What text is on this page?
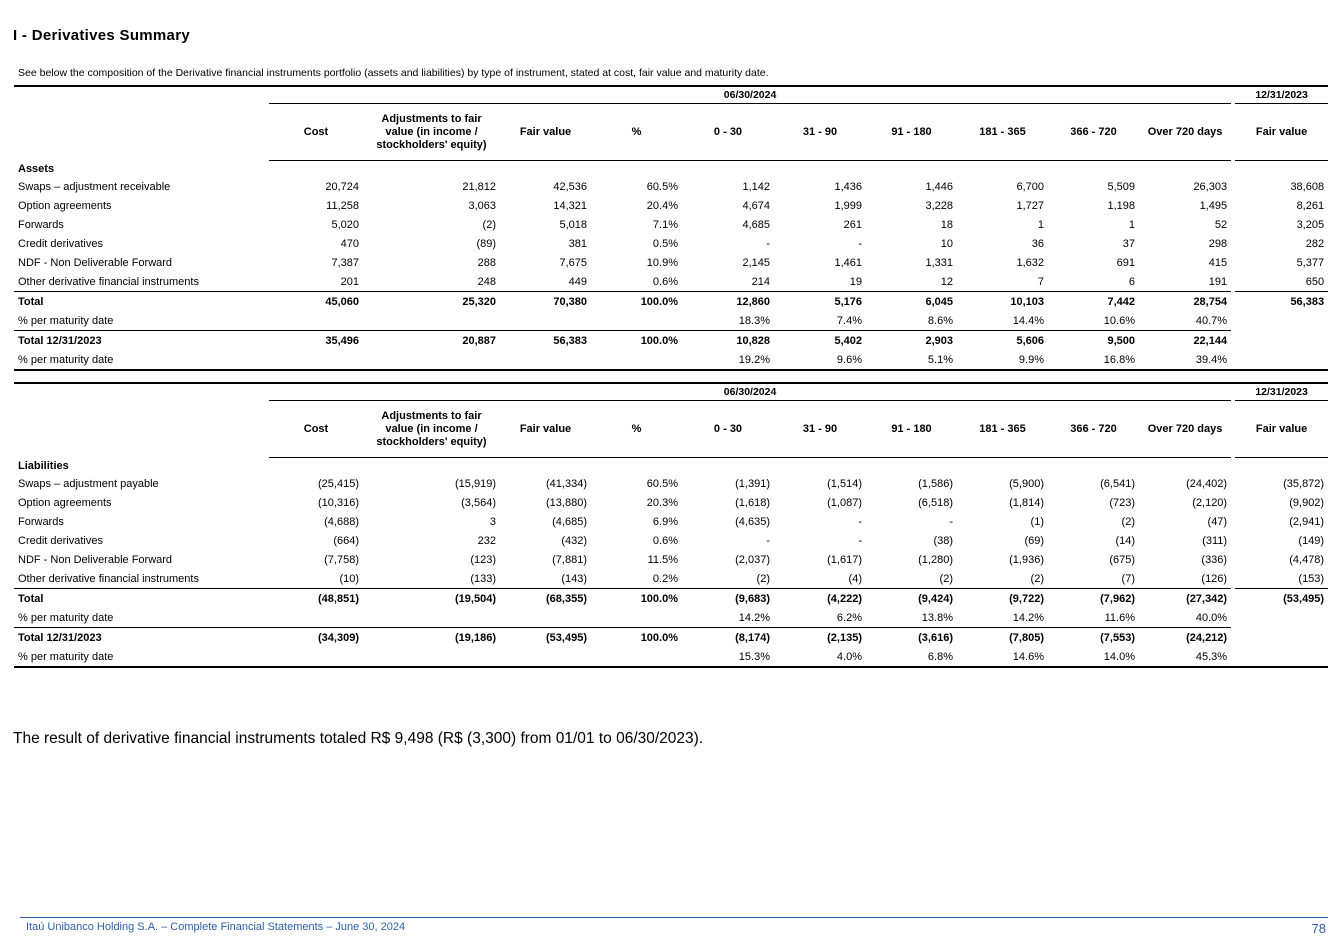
I - Derivatives Summary
See below the composition of the Derivative financial instruments portfolio (assets and liabilities) by type of instrument, stated at cost, fair value and maturity date.
	06/30/2024											12/31/2023
	Cost	Adjustments to fair value (in income / stockholders' equity)	Fair value	%	0 - 30	31 - 90	91 - 180	181 - 365	366 - 720	Over 720 days		Fair value
Assets												
Swaps – adjustment receivable	20,724	21,812	42,536	60.5%	1,142	1,436	1,446	6,700	5,509	26,303		38,608
Option agreements	11,258	3,063	14,321	20.4%	4,674	1,999	3,228	1,727	1,198	1,495		8,261
Forwards	5,020	(2)	5,018	7.1%	4,685	261	18	1	1	52		3,205
Credit derivatives	470	(89)	381	0.5%	-	-	10	36	37	298		282
NDF - Non Deliverable Forward	7,387	288	7,675	10.9%	2,145	1,461	1,331	1,632	691	415		5,377
Other derivative financial instruments	201	248	449	0.6%	214	19	12	7	6	191		650
Total	45,060	25,320	70,380	100.0%	12,860	5,176	6,045	10,103	7,442	28,754		56,383
% per maturity date					18.3%	7.4%	8.6%	14.4%	10.6%	40.7%		
Total 12/31/2023	35,496	20,887	56,383	100.0%	10,828	5,402	2,903	5,606	9,500	22,144		
% per maturity date					19.2%	9.6%	5.1%	9.9%	16.8%	39.4%		
	06/30/2024											12/31/2023
	Cost	Adjustments to fair value (in income / stockholders' equity)	Fair value	%	0 - 30	31 - 90	91 - 180	181 - 365	366 - 720	Over 720 days		Fair value
Liabilities												
Swaps – adjustment payable	(25,415)	(15,919)	(41,334)	60.5%	(1,391)	(1,514)	(1,586)	(5,900)	(6,541)	(24,402)		(35,872)
Option agreements	(10,316)	(3,564)	(13,880)	20.3%	(1,618)	(1,087)	(6,518)	(1,814)	(723)	(2,120)		(9,902)
Forwards	(4,688)	3	(4,685)	6.9%	(4,635)	-	-	(1)	(2)	(47)		(2,941)
Credit derivatives	(664)	232	(432)	0.6%	-	-	(38)	(69)	(14)	(311)		(149)
NDF - Non Deliverable Forward	(7,758)	(123)	(7,881)	11.5%	(2,037)	(1,617)	(1,280)	(1,936)	(675)	(336)		(4,478)
Other derivative financial instruments	(10)	(133)	(143)	0.2%	(2)	(4)	(2)	(2)	(7)	(126)		(153)
Total	(48,851)	(19,504)	(68,355)	100.0%	(9,683)	(4,222)	(9,424)	(9,722)	(7,962)	(27,342)		(53,495)
% per maturity date					14.2%	6.2%	13.8%	14.2%	11.6%	40.0%		
Total 12/31/2023	(34,309)	(19,186)	(53,495)	100.0%	(8,174)	(2,135)	(3,616)	(7,805)	(7,553)	(24,212)		
% per maturity date					15.3%	4.0%	6.8%	14.6%	14.0%	45.3%		
The result of derivative financial instruments totaled R$ 9,498 (R$ (3,300) from 01/01 to 06/30/2023).
Itaú Unibanco Holding S.A. – Complete Financial Statements – June 30, 2024	78
